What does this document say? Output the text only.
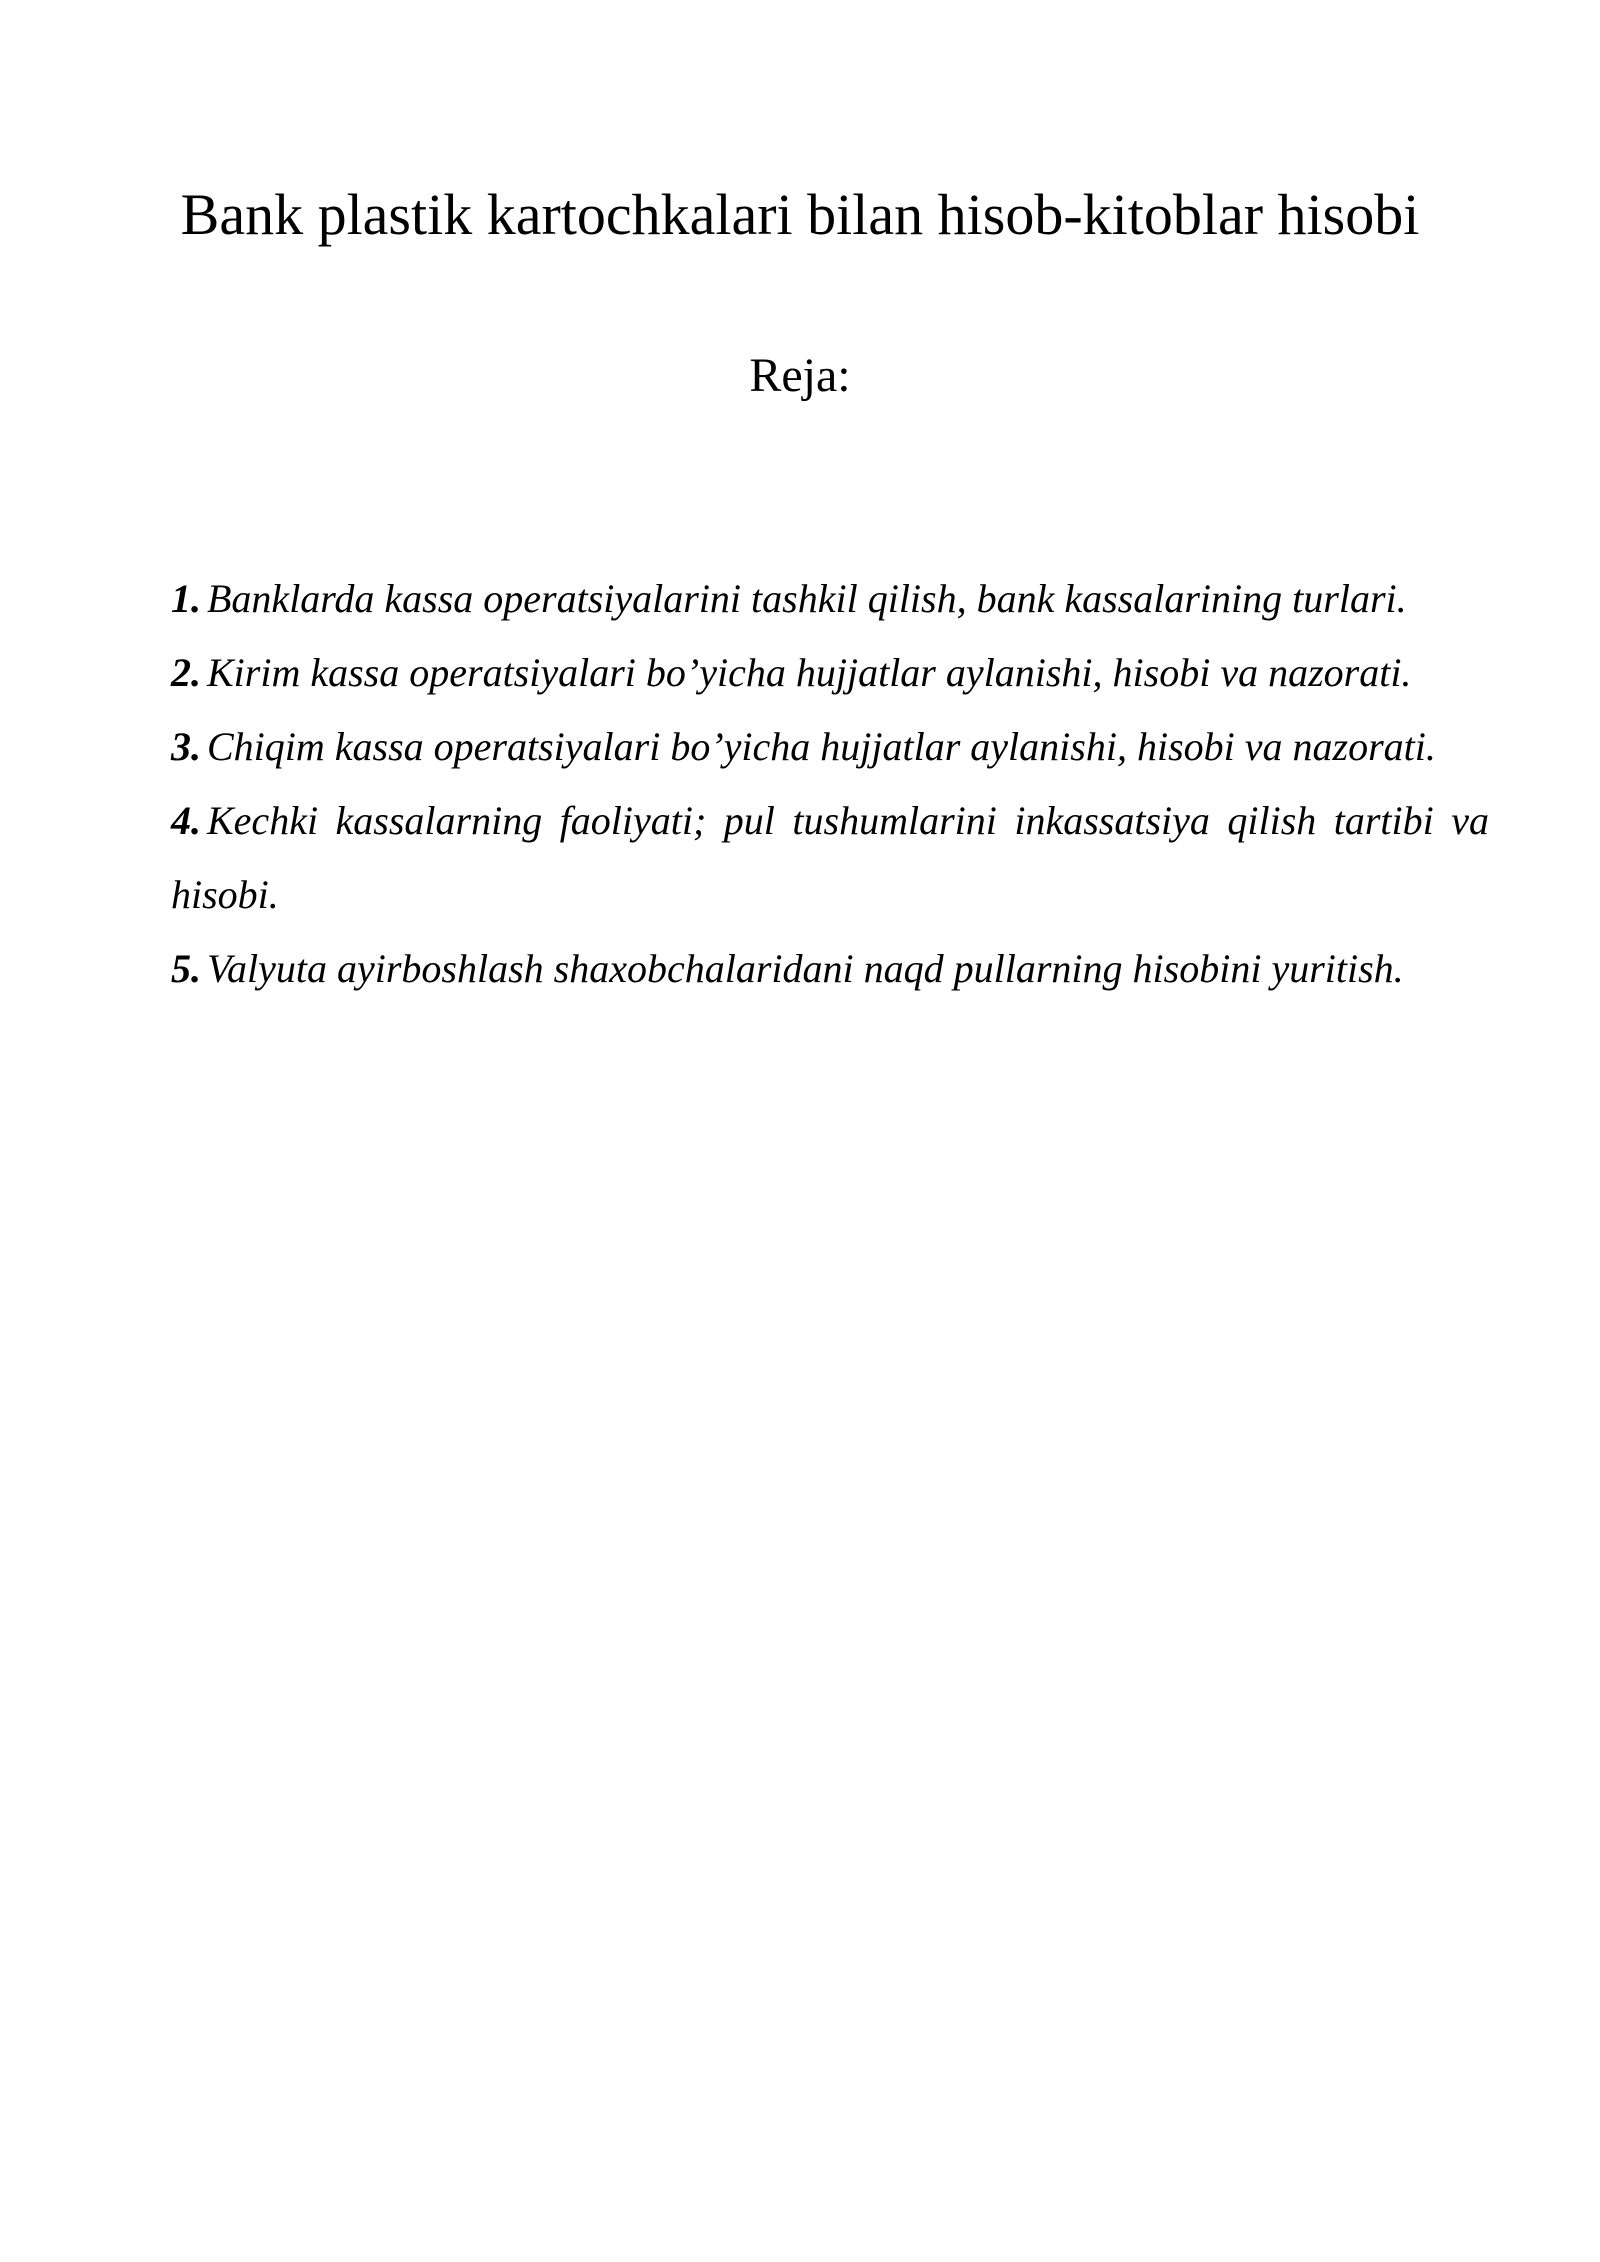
Bank plastik kartochkalari bilan hisob-kitoblar hisobi
Reja:
1. Banklarda kassa operatsiyalarini tashkil qilish, bank kassalarining turlari.
2. Kirim kassa operatsiyalari bo’yicha hujjatlar aylanishi, hisobi va nazorati.
3. Chiqim kassa operatsiyalari bo’yicha hujjatlar aylanishi, hisobi va nazorati.
4. Kechki kassalarning faoliyati; pul tushumlarini inkassatsiya qilish tartibi va hisobi.
5. Valyuta ayirboshlash shaxobchalaridani naqd pullarning hisobini yuritish.
